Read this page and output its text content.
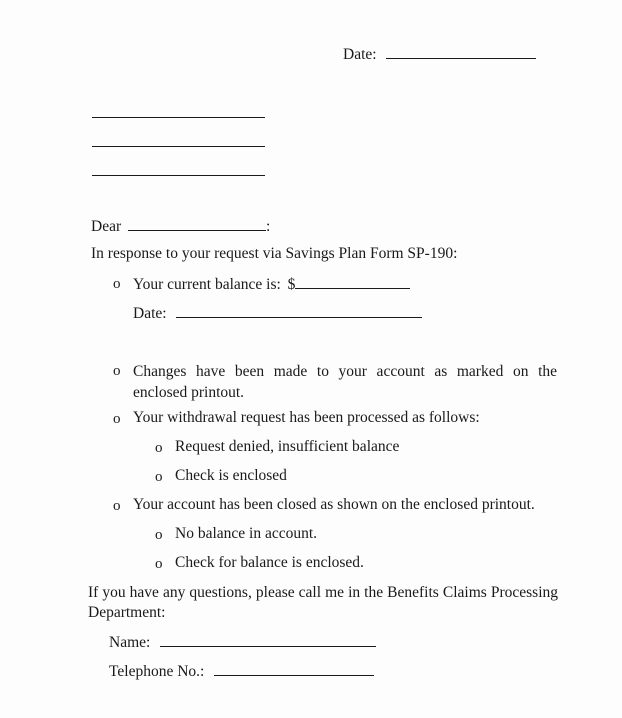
Date:
Dear	:
In response to your request via Savings Plan Form SP-190:
o Your current balance is: $
Date:
o Changes have been made to your account as marked on the enclosed printout.
o Your withdrawal request has been processed as follows:
o Request denied, insufficient balance
o Check is enclosed
o Your account has been closed as shown on the enclosed printout.
o No balance in account.
o Check for balance is enclosed.
If you have any questions, please call me in the Benefits Claims Processing Department:
Name:
Telephone No.:
